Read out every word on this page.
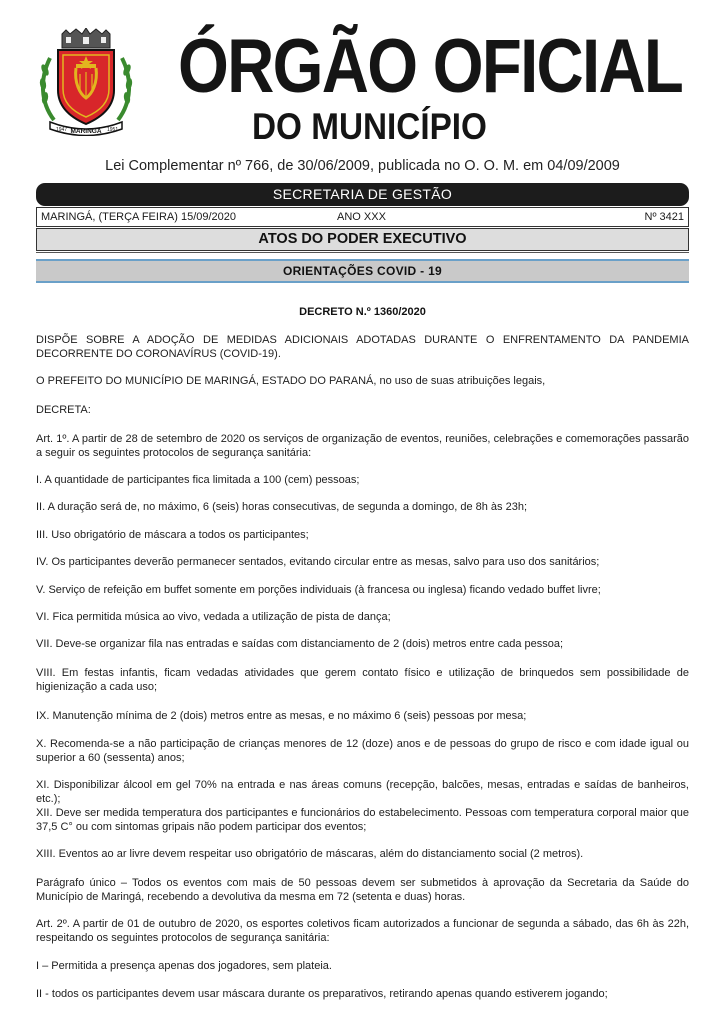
1947 MARINGÁ 1951
ÓRGÃO OFICIAL
DO MUNICÍPIO
Lei Complementar nº 766, de 30/06/2009, publicada no O. O. M. em 04/09/2009
SECRETARIA DE GESTÃO
MARINGÁ, (TERÇA FEIRA) 15/09/2020	ANO XXX	Nº 3421
ATOS DO PODER EXECUTIVO
ORIENTAÇÕES COVID - 19
DECRETO N.º 1360/2020
DISPÕE SOBRE A ADOÇÃO DE MEDIDAS ADICIONAIS ADOTADAS DURANTE O ENFRENTAMENTO DA PANDEMIA DECORRENTE DO CORONAVÍRUS (COVID-19).
O PREFEITO DO MUNICÍPIO DE MARINGÁ, ESTADO DO PARANÁ, no uso de suas atribuições legais,
DECRETA:
Art. 1º. A partir de 28 de setembro de 2020 os serviços de organização de eventos, reuniões, celebrações e comemorações passarão a seguir os seguintes protocolos de segurança sanitária:
I. A quantidade de participantes fica limitada a 100 (cem) pessoas;
II. A duração será de, no máximo, 6 (seis) horas consecutivas, de segunda a domingo, de 8h às 23h;
III. Uso obrigatório de máscara a todos os participantes;
IV. Os participantes deverão permanecer sentados, evitando circular entre as mesas, salvo para uso dos sanitários;
V. Serviço de refeição em buffet somente em porções individuais (à francesa ou inglesa) ficando vedado buffet livre;
VI. Fica permitida música ao vivo, vedada a utilização de pista de dança;
VII. Deve-se organizar fila nas entradas e saídas com distanciamento de 2 (dois) metros entre cada pessoa;
VIII. Em festas infantis, ficam vedadas atividades que gerem contato físico e utilização de brinquedos sem possibilidade de higienização a cada uso;
IX. Manutenção mínima de 2 (dois) metros entre as mesas, e no máximo 6 (seis) pessoas por mesa;
X. Recomenda-se a não participação de crianças menores de 12 (doze) anos e de pessoas do grupo de risco e com idade igual ou superior a 60 (sessenta) anos;
XI. Disponibilizar álcool em gel 70% na entrada e nas áreas comuns (recepção, balcões, mesas, entradas e saídas de banheiros, etc.);
XII. Deve ser medida temperatura dos participantes e funcionários do estabelecimento. Pessoas com temperatura corporal maior que 37,5 C° ou com sintomas gripais não podem participar dos eventos;
XIII. Eventos ao ar livre devem respeitar uso obrigatório de máscaras, além do distanciamento social (2 metros).
Parágrafo único – Todos os eventos com mais de 50 pessoas devem ser submetidos à aprovação da Secretaria da Saúde do Município de Maringá, recebendo a devolutiva da mesma em 72 (setenta e duas) horas.
Art. 2º. A partir de 01 de outubro de 2020, os esportes coletivos ficam autorizados a funcionar de segunda a sábado, das 6h às 22h, respeitando os seguintes protocolos de segurança sanitária:
I – Permitida a presença apenas dos jogadores, sem plateia.
II - todos os participantes devem usar máscara durante os preparativos, retirando apenas quando estiverem jogando;
